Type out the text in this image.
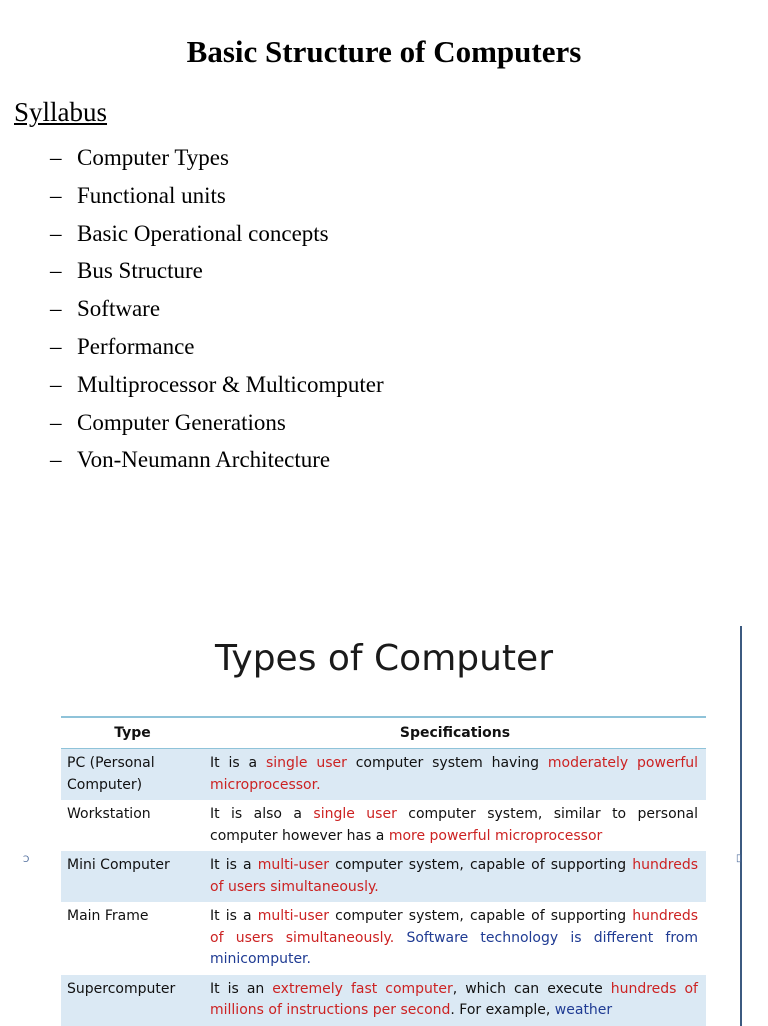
Basic Structure of Computers
Syllabus
– Computer Types
– Functional units
– Basic Operational concepts
– Bus Structure
– Software
– Performance
– Multiprocessor & Multicomputer
– Computer Generations
– Von-Neumann Architecture
Ↄ	▯
Types of Computer
Type	Specifications
PC (Personal Computer)	It is a single user computer system having moderately powerful microprocessor.
Workstation	It is also a single user computer system, similar to personal computer however has a more powerful microprocessor
Mini Computer	It is a multi-user computer system, capable of supporting hundreds of users simultaneously.
Main Frame	It is a multi-user computer system, capable of supporting hundreds of users simultaneously. Software technology is different from minicomputer.
Supercomputer	It is an extremely fast computer, which can execute hundreds of millions of instructions per second. For example, weather
